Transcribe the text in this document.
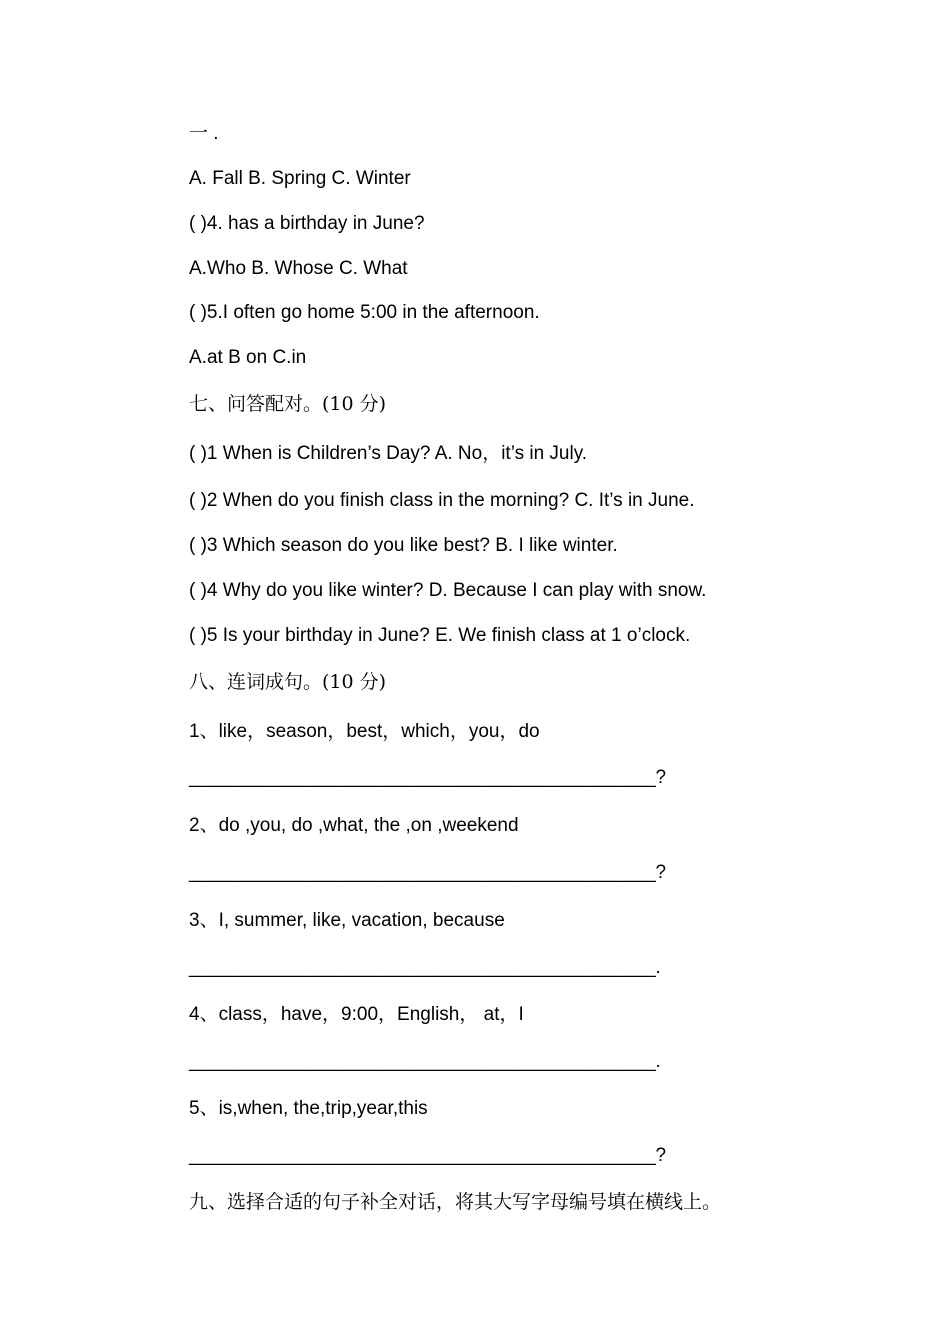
一 .
A. Fall B. Spring C. Winter
( )4. has a birthday in June?
A.Who B. Whose C. What
( )5.I often go home 5:00 in the afternoon.
A.at B on C.in
七、问答配对。(10 分)
( )1 When is Children’s Day? A. No，it’s in July.
( )2 When do you finish class in the morning? C. It’s in June.
( )3 Which season do you like best? B. I like winter.
( )4 Why do you like winter? D. Because I can play with snow.
( )5 Is your birthday in June? E. We finish class at 1 o’clock.
八、连词成句。(10 分)
1、like，season，best，which，you，do
_____________________________________________?
2、do ,you, do ,what, the ,on ,weekend
_____________________________________________?
3、I, summer, like, vacation, because
_____________________________________________.
4、class，have，9:00，English， at，I
_____________________________________________.
5、is,when, the,trip,year,this
_____________________________________________?
九、选择合适的句子补全对话，将其大写字母编号填在横线上。
